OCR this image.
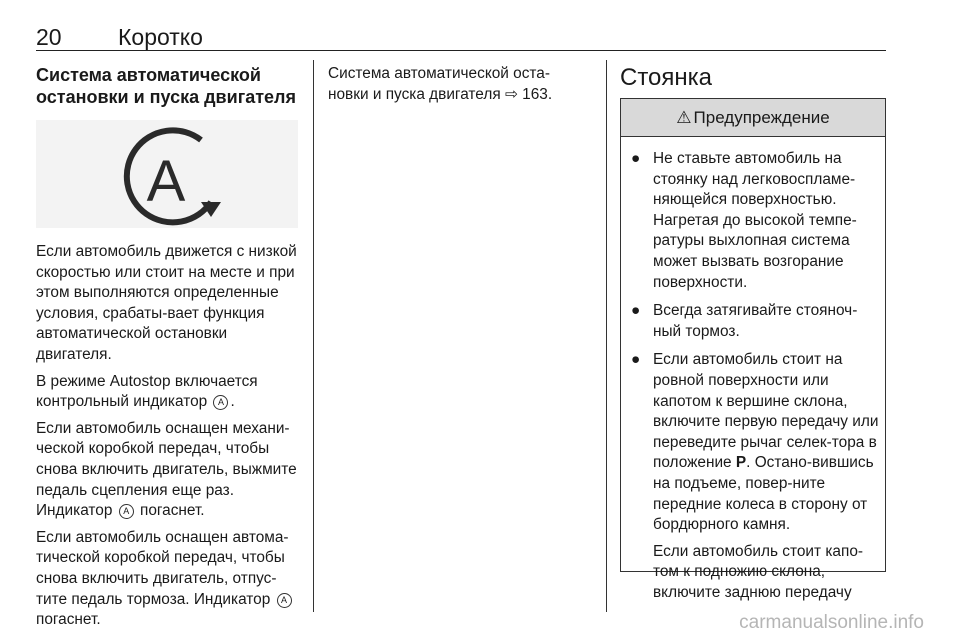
20 Коротко
Система автоматической остановки и пуска двигателя
A

Если автомобиль движется с низкой скоростью или стоит на месте и при этом выполняются определенные условия, срабаты-вает функция автоматической остановки двигателя.

В режиме Autostop включается контрольный индикатор A .

Если автомобиль оснащен механи-ческой коробкой передач, чтобы снова включить двигатель, выжмите педаль сцепления еще раз. Индикатор A погаснет.

Если автомобиль оснащен автома-тической коробкой передач, чтобы снова включить двигатель, отпус-тите педаль тормоза. Индикатор A погаснет.

Система автоматической оста-новки и пуска двигателя ⇨ 163.

Стоянка
⚠ Предупреждение
● Не ставьте автомобиль на стоянку над легковоспламе-няющейся поверхностью. Нагретая до высокой темпе-ратуры выхлопная система может вызвать возгорание поверхности.

● Всегда затягивайте стояноч-ный тормоз.

● Если автомобиль стоит на ровной поверхности или капотом к вершине склона, включите первую передачу или переведите рычаг селек-тора в положение P. Остано-вившись на подъеме, повер-ните передние колеса в сторону от бордюрного камня.

Если автомобиль стоит капо-том к подножию склона, включите заднюю передачу

carmanualsonline.info
